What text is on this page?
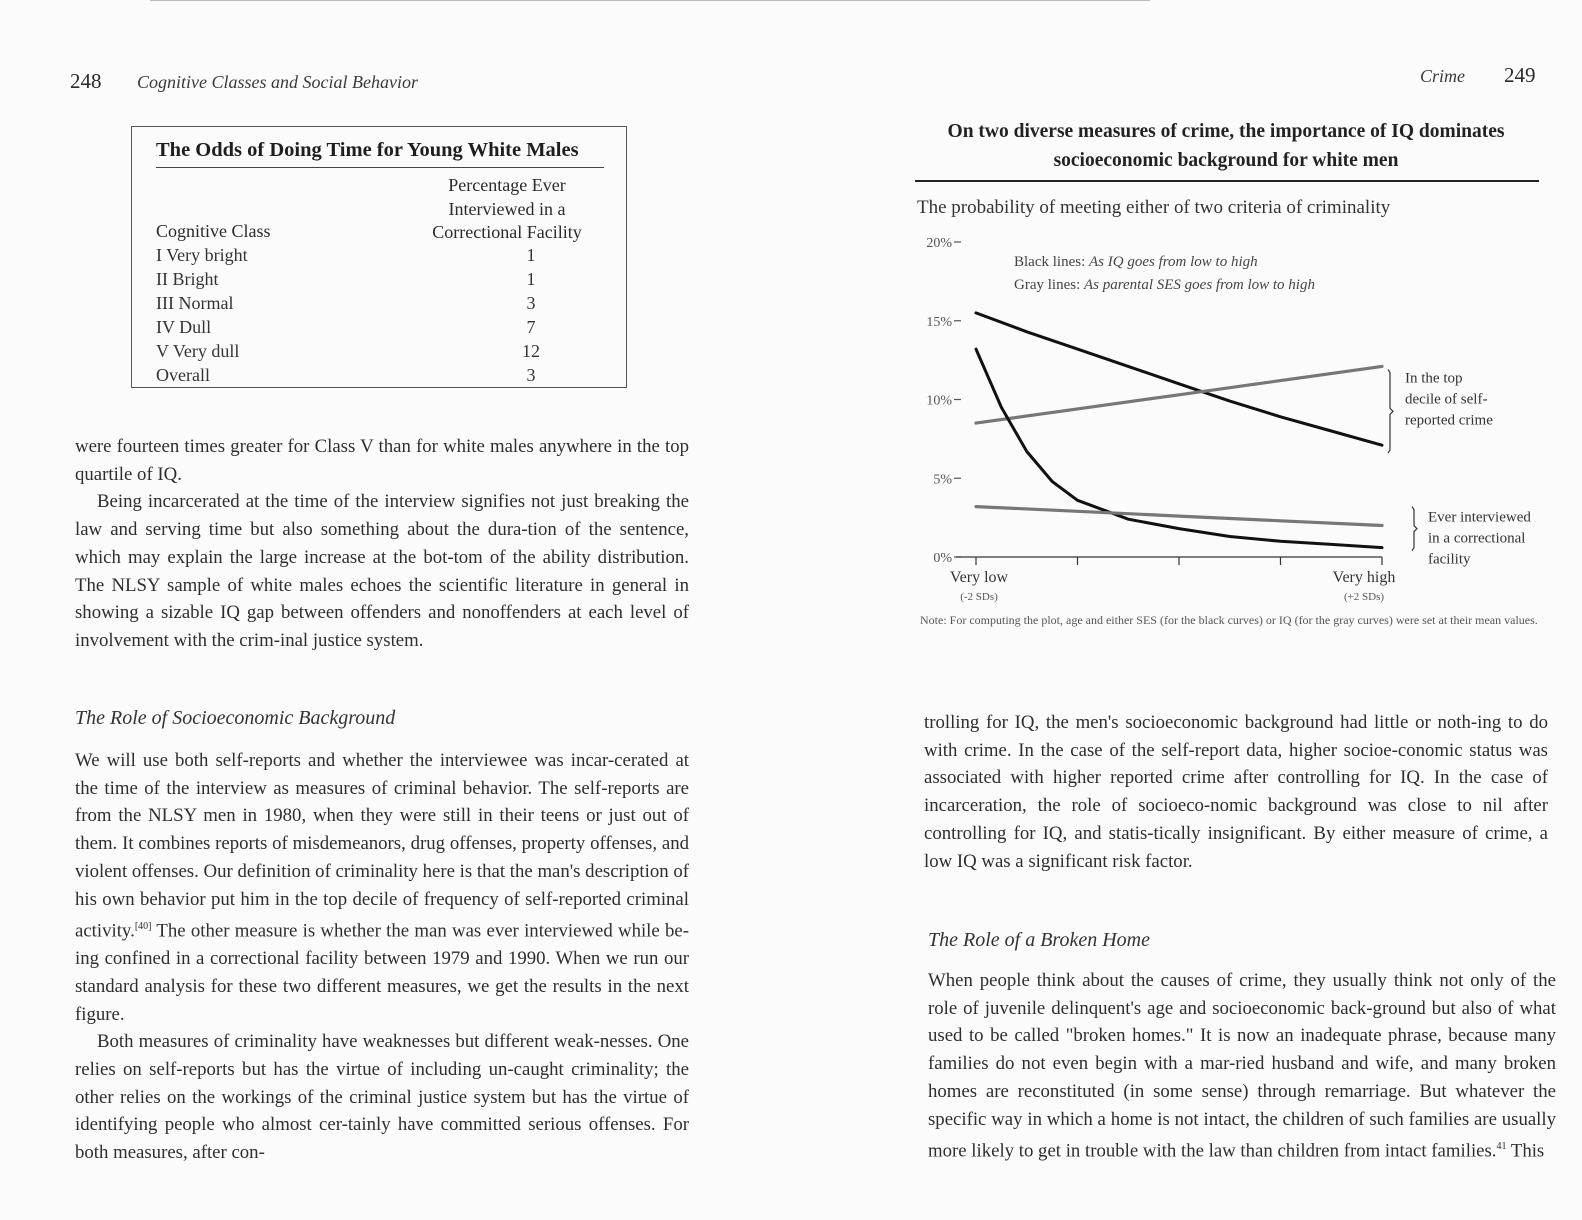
248 Cognitive Classes and Social Behavior
The Odds of Doing Time for Young White Males
Percentage Ever
Interviewed in a
Correctional Facility
Cognitive Class
I Very bright	1
II Bright	1
III Normal	3
IV Dull	7
V Very dull	12
Overall	3

were fourteen times greater for Class V than for white males anywhere in the top quartile of IQ.

Being incarcerated at the time of the interview signifies not just breaking the law and serving time but also something about the dura-tion of the sentence, which may explain the large increase at the bot-tom of the ability distribution. The NLSY sample of white males echoes the scientific literature in general in showing a sizable IQ gap between offenders and nonoffenders at each level of involvement with the crim-inal justice system.

The Role of Socioeconomic Background

We will use both self-reports and whether the interviewee was incar-cerated at the time of the interview as measures of criminal behavior. The self-reports are from the NLSY men in 1980, when they were still in their teens or just out of them. It combines reports of misdemeanors, drug offenses, property offenses, and violent offenses. Our definition of criminality here is that the man's description of his own behavior put him in the top decile of frequency of self-reported criminal activity.[40] The other measure is whether the man was ever interviewed while be-ing confined in a correctional facility between 1979 and 1990. When we run our standard analysis for these two different measures, we get the results in the next figure.

Both measures of criminality have weaknesses but different weak-nesses. One relies on self-reports but has the virtue of including un-caught criminality; the other relies on the workings of the criminal justice system but has the virtue of identifying people who almost cer-tainly have committed serious offenses. For both measures, after con-

Crime 249
On two diverse measures of crime, the importance of IQ dominates socioeconomic background for white men
The probability of meeting either of two criteria of criminality
0%
5%
10%
15%
20%
Very low
(-2 SDs)
Very high
(+2 SDs)
Black lines: As IQ goes from low to high
Gray lines: As parental SES goes from low to high
In the top
decile of self-
reported crime
Ever interviewed
in a correctional
facility
Note: For computing the plot, age and either SES (for the black curves) or IQ (for the gray curves) were set at their mean values.

trolling for IQ, the men's socioeconomic background had little or noth-ing to do with crime. In the case of the self-report data, higher socioe-conomic status was associated with higher reported crime after controlling for IQ. In the case of incarceration, the role of socioeco-nomic background was close to nil after controlling for IQ, and statis-tically insignificant. By either measure of crime, a low IQ was a significant risk factor.

The Role of a Broken Home

When people think about the causes of crime, they usually think not only of the role of juvenile delinquent's age and socioeconomic back-ground but also of what used to be called "broken homes." It is now an inadequate phrase, because many families do not even begin with a mar-ried husband and wife, and many broken homes are reconstituted (in some sense) through remarriage. But whatever the specific way in which a home is not intact, the children of such families are usually more likely to get in trouble with the law than children from intact families.$^{41}$ This
